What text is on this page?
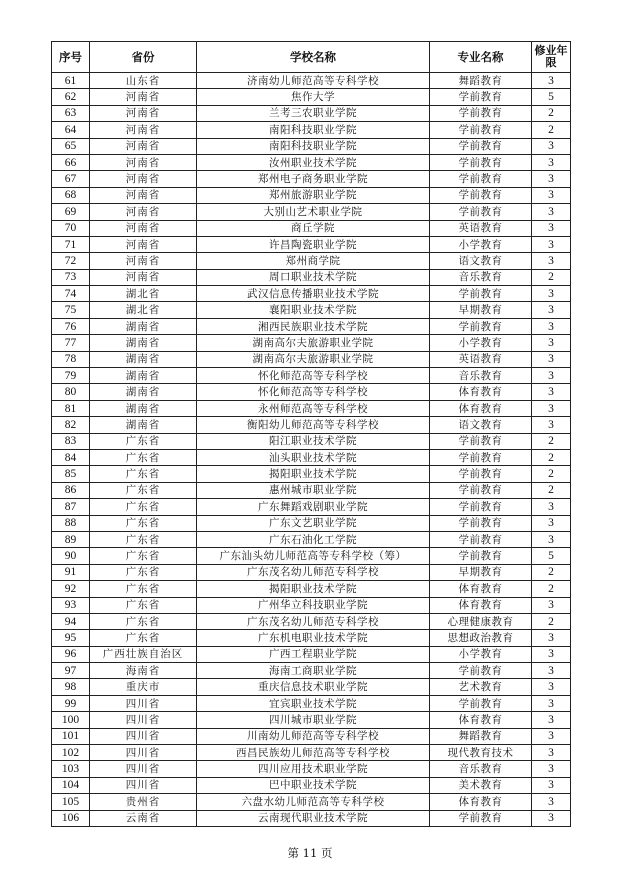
序号	省份	学校名称	专业名称	修业年限
61	山东省	济南幼儿师范高等专科学校	舞蹈教育	3
62	河南省	焦作大学	学前教育	5
63	河南省	兰考三农职业学院	学前教育	2
64	河南省	南阳科技职业学院	学前教育	2
65	河南省	南阳科技职业学院	学前教育	3
66	河南省	汝州职业技术学院	学前教育	3
67	河南省	郑州电子商务职业学院	学前教育	3
68	河南省	郑州旅游职业学院	学前教育	3
69	河南省	大别山艺术职业学院	学前教育	3
70	河南省	商丘学院	英语教育	3
71	河南省	许昌陶瓷职业学院	小学教育	3
72	河南省	郑州商学院	语文教育	3
73	河南省	周口职业技术学院	音乐教育	2
74	湖北省	武汉信息传播职业技术学院	学前教育	3
75	湖北省	襄阳职业技术学院	早期教育	3
76	湖南省	湘西民族职业技术学院	学前教育	3
77	湖南省	湖南高尔夫旅游职业学院	小学教育	3
78	湖南省	湖南高尔夫旅游职业学院	英语教育	3
79	湖南省	怀化师范高等专科学校	音乐教育	3
80	湖南省	怀化师范高等专科学校	体育教育	3
81	湖南省	永州师范高等专科学校	体育教育	3
82	湖南省	衡阳幼儿师范高等专科学校	语文教育	3
83	广东省	阳江职业技术学院	学前教育	2
84	广东省	汕头职业技术学院	学前教育	2
85	广东省	揭阳职业技术学院	学前教育	2
86	广东省	惠州城市职业学院	学前教育	2
87	广东省	广东舞蹈戏剧职业学院	学前教育	3
88	广东省	广东文艺职业学院	学前教育	3
89	广东省	广东石油化工学院	学前教育	3
90	广东省	广东汕头幼儿师范高等专科学校（筹）	学前教育	5
91	广东省	广东茂名幼儿师范专科学校	早期教育	2
92	广东省	揭阳职业技术学院	体育教育	2
93	广东省	广州华立科技职业学院	体育教育	3
94	广东省	广东茂名幼儿师范专科学校	心理健康教育	2
95	广东省	广东机电职业技术学院	思想政治教育	3
96	广西壮族自治区	广西工程职业学院	小学教育	3
97	海南省	海南工商职业学院	学前教育	3
98	重庆市	重庆信息技术职业学院	艺术教育	3
99	四川省	宜宾职业技术学院	学前教育	3
100	四川省	四川城市职业学院	体育教育	3
101	四川省	川南幼儿师范高等专科学校	舞蹈教育	3
102	四川省	西昌民族幼儿师范高等专科学校	现代教育技术	3
103	四川省	四川应用技术职业学院	音乐教育	3
104	四川省	巴中职业技术学院	美术教育	3
105	贵州省	六盘水幼儿师范高等专科学校	体育教育	3
106	云南省	云南现代职业技术学院	学前教育	3
第 11 页
